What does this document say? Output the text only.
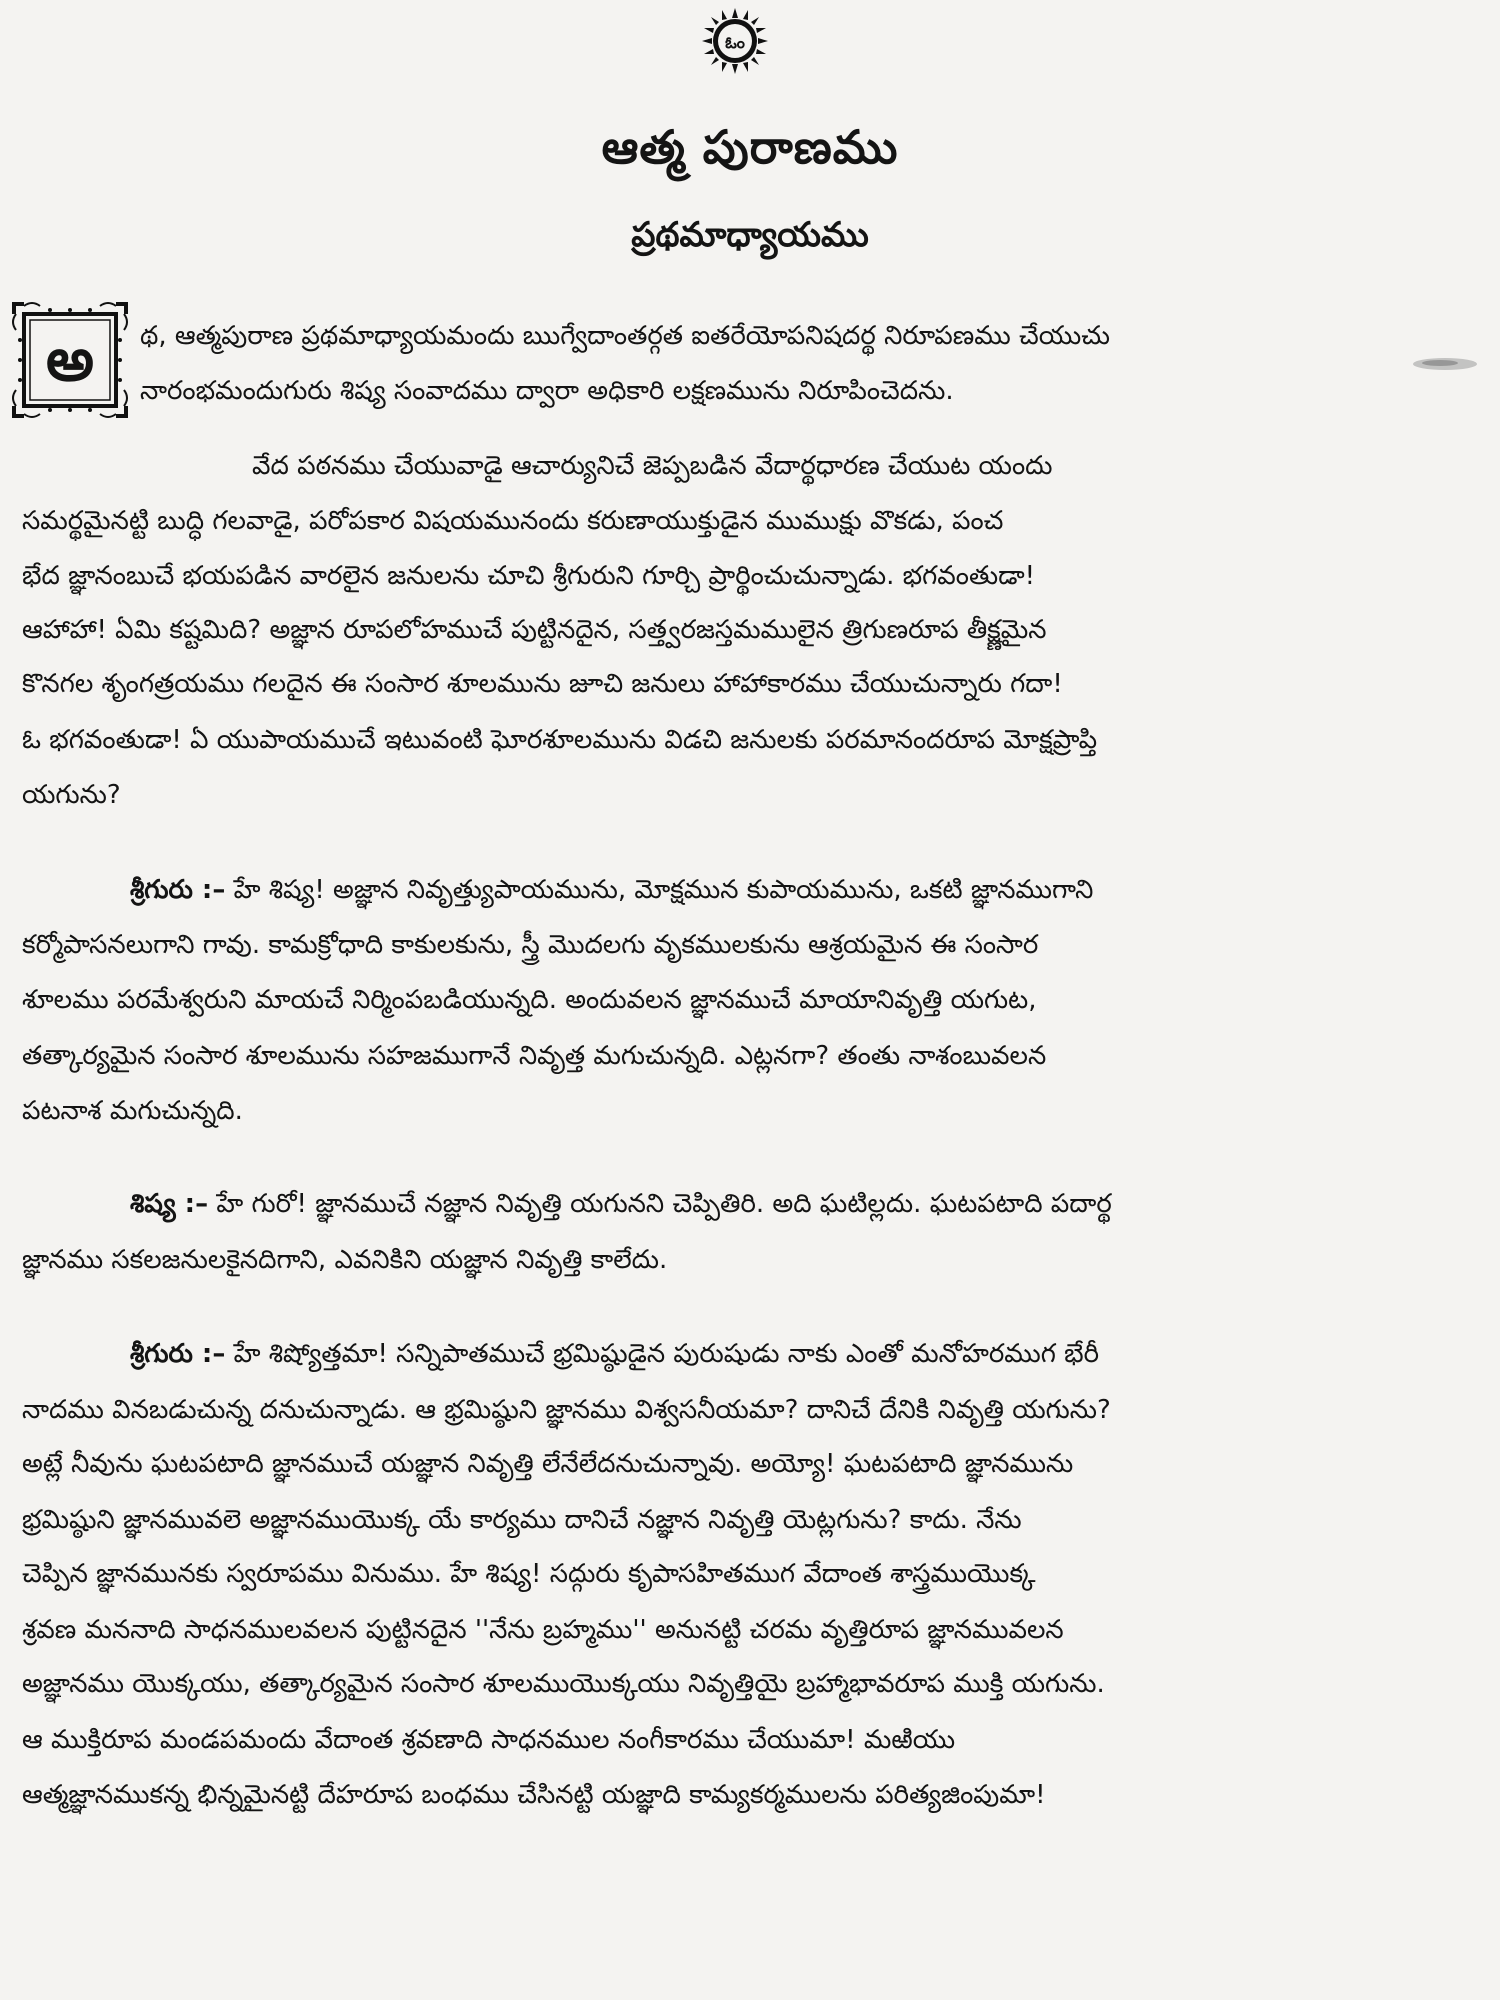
ఓం
ఆత్మ పురాణము
ప్రథమాధ్యాయము
అ	థ, ఆత్మపురాణ ప్రథమాధ్యాయమందు ఋగ్వేదాంతర్గత ఐతరేయోపనిషదర్థ నిరూపణము చేయుచు
నారంభమందుగురు శిష్య సంవాదము ద్వారా అధికారి లక్షణమును నిరూపించెదను.
వేద పఠనము చేయువాడై ఆచార్యునిచే జెప్పబడిన వేదార్థధారణ చేయుట యందు
సమర్థమైనట్టి బుద్ధి గలవాడై, పరోపకార విషయమునందు కరుణాయుక్తుడైన ముముక్షు వొకడు, పంచ
భేద జ్ఞానంబుచే భయపడిన వారలైన జనులను చూచి శ్రీగురుని గూర్చి ప్రార్థించుచున్నాడు. భగవంతుడా!
ఆహాహా! ఏమి కష్టమిది? అజ్ఞాన రూపలోహముచే పుట్టినదైన, సత్త్వరజస్తమములైన త్రిగుణరూప తీక్ష్ణమైన
కొనగల శృంగత్రయము గలదైన ఈ సంసార శూలమును జూచి జనులు హాహాకారము చేయుచున్నారు గదా!
ఓ భగవంతుడా! ఏ యుపాయముచే ఇటువంటి ఘోరశూలమును విడచి జనులకు పరమానందరూప మోక్షప్రాప్తి
యగును?
శ్రీగురు :– హే శిష్య! అజ్ఞాన నివృత్త్యుపాయమును, మోక్షమున కుపాయమును, ఒకటి జ్ఞానముగాని
కర్మోపాసనలుగాని గావు. కామక్రోధాది కాకులకును, స్త్రీ మొదలగు వృకములకును ఆశ్రయమైన ఈ సంసార
శూలము పరమేశ్వరుని మాయచే నిర్మింపబడియున్నది. అందువలన జ్ఞానముచే మాయానివృత్తి యగుట,
తత్కార్యమైన సంసార శూలమును సహజముగానే నివృత్త మగుచున్నది. ఎట్లనగా? తంతు నాశంబువలన
పటనాశ మగుచున్నది.
శిష్య :– హే గురో! జ్ఞానముచే నజ్ఞాన నివృత్తి యగునని చెప్పితిరి. అది ఘటిల్లదు. ఘటపటాది పదార్థ
జ్ఞానము సకలజనులకైనదిగాని, ఎవనికిని యజ్ఞాన నివృత్తి కాలేదు.
శ్రీగురు :– హే శిష్యోత్తమా! సన్నిపాతముచే భ్రమిష్ఠుడైన పురుషుడు నాకు ఎంతో మనోహరముగ భేరీ
నాదము వినబడుచున్న దనుచున్నాడు. ఆ భ్రమిష్ఠుని జ్ఞానము విశ్వసనీయమా? దానిచే దేనికి నివృత్తి యగును?
అట్లే నీవును ఘటపటాది జ్ఞానముచే యజ్ఞాన నివృత్తి లేనేలేదనుచున్నావు. అయ్యో! ఘటపటాది జ్ఞానమును
భ్రమిష్ఠుని జ్ఞానమువలె అజ్ఞానముయొక్క యే కార్యము దానిచే నజ్ఞాన నివృత్తి యెట్లగును? కాదు. నేను
చెప్పిన జ్ఞానమునకు స్వరూపము వినుము. హే శిష్య! సద్గురు కృపాసహితముగ వేదాంత శాస్త్రముయొక్క
శ్రవణ మననాది సాధనములవలన పుట్టినదైన ''నేను బ్రహ్మము'' అనునట్టి చరమ వృత్తిరూప జ్ఞానమువలన
అజ్ఞానము యొక్కయు, తత్కార్యమైన సంసార శూలముయొక్కయు నివృత్తియై బ్రహ్మాభావరూప ముక్తి యగును.
ఆ ముక్తిరూప మండపమందు వేదాంత శ్రవణాది సాధనముల నంగీకారము చేయుమా! మఱియు
ఆత్మజ్ఞానముకన్న భిన్నమైనట్టి దేహరూప బంధము చేసినట్టి యజ్ఞాది కామ్యకర్మములను పరిత్యజింపుమా!
